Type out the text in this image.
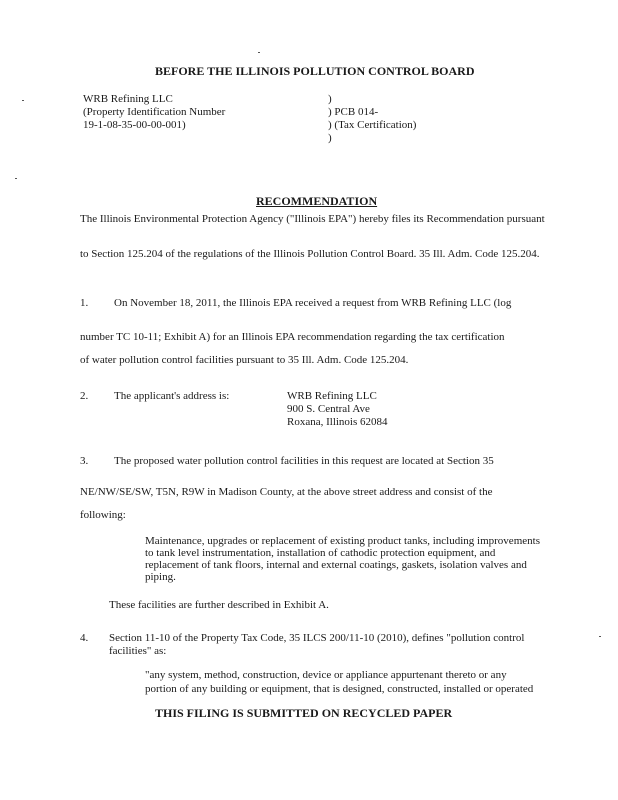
BEFORE THE ILLINOIS POLLUTION CONTROL BOARD
WRB Refining LLC
(Property Identification Number
19-1-08-35-00-00-001)
)
) PCB 014-
) (Tax Certification)
)
RECOMMENDATION
The Illinois Environmental Protection Agency ("Illinois EPA") hereby files its Recommendation pursuant
to Section 125.204 of the regulations of the Illinois Pollution Control Board. 35 Ill. Adm. Code 125.204.
1. On November 18, 2011, the Illinois EPA received a request from WRB Refining LLC (log
number TC 10-11; Exhibit A) for an Illinois EPA recommendation regarding the tax certification
of water pollution control facilities pursuant to 35 Ill. Adm. Code 125.204.
2. The applicant's address is:	WRB Refining LLC
900 S. Central Ave
Roxana, Illinois 62084
3. The proposed water pollution control facilities in this request are located at Section 35
NE/NW/SE/SW, T5N, R9W in Madison County, at the above street address and consist of the
following:
Maintenance, upgrades or replacement of existing product tanks, including improvements
to tank level instrumentation, installation of cathodic protection equipment, and
replacement of tank floors, internal and external coatings, gaskets, isolation valves and
piping.
These facilities are further described in Exhibit A.
4. Section 11-10 of the Property Tax Code, 35 ILCS 200/11-10 (2010), defines "pollution control
facilities" as:
"any system, method, construction, device or appliance appurtenant thereto or any
portion of any building or equipment, that is designed, constructed, installed or operated
THIS FILING IS SUBMITTED ON RECYCLED PAPER
